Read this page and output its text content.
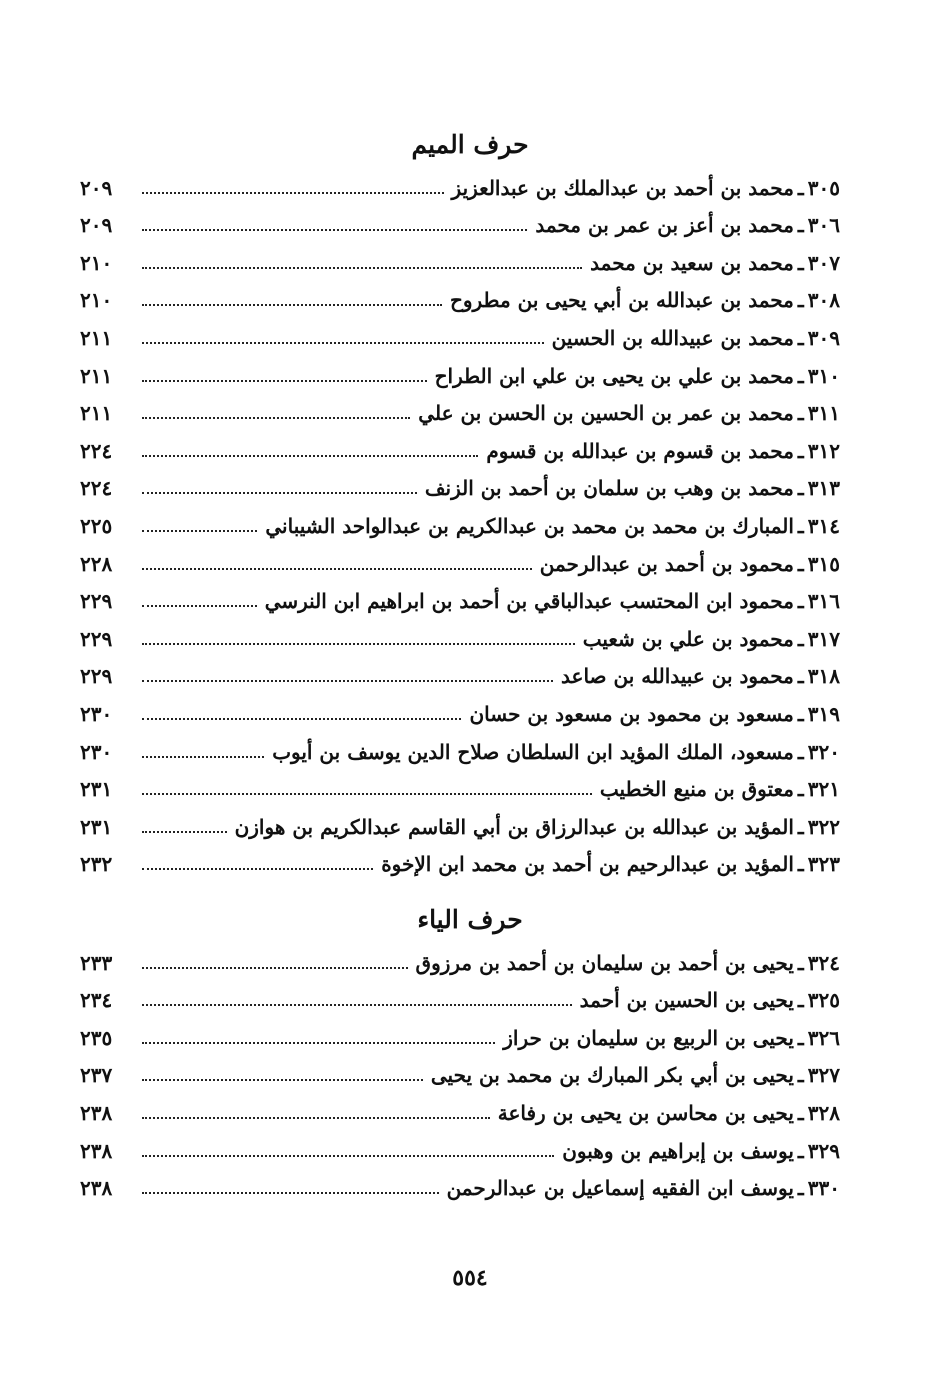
حرف الميم
٣٠٥
ـ
محمد بن أحمد بن عبدالملك بن عبدالعزيز
٢٠٩
٣٠٦
ـ
محمد بن أعز بن عمر بن محمد
٢٠٩
٣٠٧
ـ
محمد بن سعيد بن محمد
٢١٠
٣٠٨
ـ
محمد بن عبدالله بن أبي يحيى بن مطروح
٢١٠
٣٠٩
ـ
محمد بن عبيدالله بن الحسين
٢١١
٣١٠
ـ
محمد بن علي بن يحيى بن علي ابن الطراح
٢١١
٣١١
ـ
محمد بن عمر بن الحسين بن الحسن بن علي
٢١١
٣١٢
ـ
محمد بن قسوم بن عبدالله بن قسوم
٢٢٤
٣١٣
ـ
محمد بن وهب بن سلمان بن أحمد بن الزنف
٢٢٤
٣١٤
ـ
المبارك بن محمد بن محمد بن عبدالكريم بن عبدالواحد الشيباني
٢٢٥
٣١٥
ـ
محمود بن أحمد بن عبدالرحمن
٢٢٨
٣١٦
ـ
محمود ابن المحتسب عبدالباقي بن أحمد بن ابراهيم ابن النرسي
٢٢٩
٣١٧
ـ
محمود بن علي بن شعيب
٢٢٩
٣١٨
ـ
محمود بن عبيدالله بن صاعد
٢٢٩
٣١٩
ـ
مسعود بن محمود بن مسعود بن حسان
٢٣٠
٣٢٠
ـ
مسعود، الملك المؤيد ابن السلطان صلاح الدين يوسف بن أيوب
٢٣٠
٣٢١
ـ
معتوق بن منيع الخطيب
٢٣١
٣٢٢
ـ
المؤيد بن عبدالله بن عبدالرزاق بن أبي القاسم عبدالكريم بن هوازن
٢٣١
٣٢٣
ـ
المؤيد بن عبدالرحيم بن أحمد بن محمد ابن الإخوة
٢٣٢
حرف الياء
٣٢٤
ـ
يحيى بن أحمد بن سليمان بن أحمد بن مرزوق
٢٣٣
٣٢٥
ـ
يحيى بن الحسين بن أحمد
٢٣٤
٣٢٦
ـ
يحيى بن الربيع بن سليمان بن حراز
٢٣٥
٣٢٧
ـ
يحيى بن أبي بكر المبارك بن محمد بن يحيى
٢٣٧
٣٢٨
ـ
يحيى بن محاسن بن يحيى بن رفاعة
٢٣٨
٣٢٩
ـ
يوسف بن إبراهيم بن وهبون
٢٣٨
٣٣٠
ـ
يوسف ابن الفقيه إسماعيل بن عبدالرحمن
٢٣٨
٥٥٤
